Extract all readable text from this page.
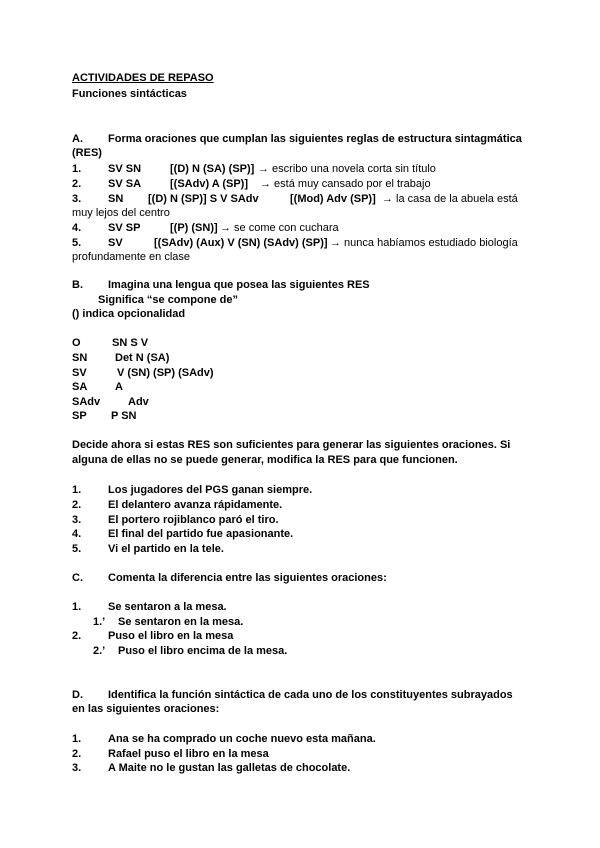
ACTIVIDADES DE REPASO
Funciones sintácticas
A. Forma oraciones que cumplan las siguientes reglas de estructura sintagmática
(RES)
1. SV SN	[(D) N (SA) (SP)] → escribo una novela corta sin título
2. SV SA	[(SAdv) A (SP)] → está muy cansado por el trabajo
3. SN [(D) N (SP)] S V SAdv	[(Mod) Adv (SP)] → la casa de la abuela está
muy lejos del centro
4. SV SP	[(P) (SN)] → se come con cuchara
5. SV	[(SAdv) (Aux) V (SN) (SAdv) (SP)] → nunca habíamos estudiado biología
profundamente en clase
B. Imagina una lengua que posea las siguientes RES
Significa “se compone de”
() indica opcionalidad
O	SN S V
SN	Det N (SA)
SV	V (SN) (SP) (SAdv)
SA	A
SAdv	Adv
SP P SN
Decide ahora si estas RES son suficientes para generar las siguientes oraciones. Si
alguna de ellas no se puede generar, modifica la RES para que funcionen.
1. Los jugadores del PGS ganan siempre.
2. El delantero avanza rápidamente.
3. El portero rojiblanco paró el tiro.
4. El final del partido fue apasionante.
5. Vi el partido en la tele.
C. Comenta la diferencia entre las siguientes oraciones:
1. Se sentaron a la mesa.
1.’ Se sentaron en la mesa.
2. Puso el libro en la mesa
2.’ Puso el libro encima de la mesa.
D. Identifica la función sintáctica de cada uno de los constituyentes subrayados
en las siguientes oraciones:
1. Ana se ha comprado un coche nuevo esta mañana.
2. Rafael puso el libro en la mesa
3. A Maite no le gustan las galletas de chocolate.
